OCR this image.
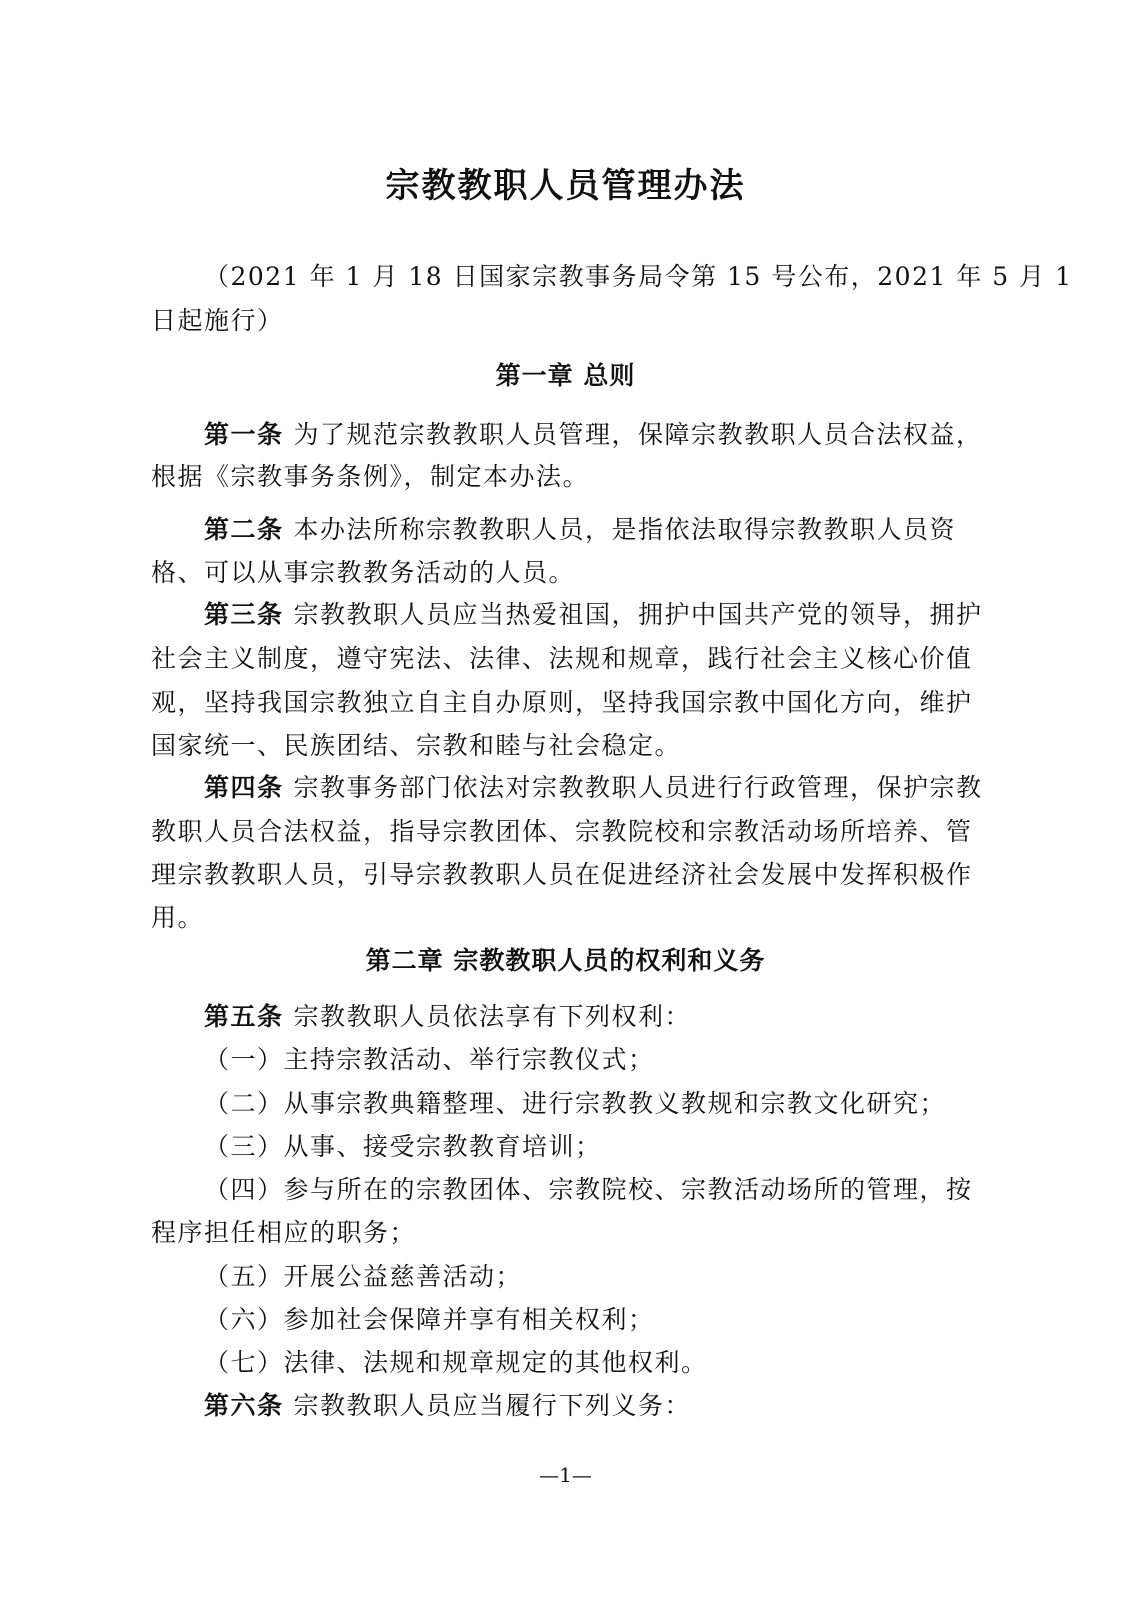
宗教教职人员管理办法
（2021 年 1 月 18 日国家宗教事务局令第 15 号公布，2021 年 5 月 1
日起施行）
第一章 总则
第一条 为了规范宗教教职人员管理，保障宗教教职人员合法权益，
根据《宗教事务条例》，制定本办法。
第二条 本办法所称宗教教职人员，是指依法取得宗教教职人员资
格、可以从事宗教教务活动的人员。
第三条 宗教教职人员应当热爱祖国，拥护中国共产党的领导，拥护
社会主义制度，遵守宪法、法律、法规和规章，践行社会主义核心价值
观，坚持我国宗教独立自主自办原则，坚持我国宗教中国化方向，维护
国家统一、民族团结、宗教和睦与社会稳定。
第四条 宗教事务部门依法对宗教教职人员进行行政管理，保护宗教
教职人员合法权益，指导宗教团体、宗教院校和宗教活动场所培养、管
理宗教教职人员，引导宗教教职人员在促进经济社会发展中发挥积极作
用。
第二章 宗教教职人员的权利和义务
第五条 宗教教职人员依法享有下列权利：
（一）主持宗教活动、举行宗教仪式；
（二）从事宗教典籍整理、进行宗教教义教规和宗教文化研究；
（三）从事、接受宗教教育培训；
（四）参与所在的宗教团体、宗教院校、宗教活动场所的管理，按
程序担任相应的职务；
（五）开展公益慈善活动；
（六）参加社会保障并享有相关权利；
（七）法律、法规和规章规定的其他权利。
第六条 宗教教职人员应当履行下列义务：
—1—
